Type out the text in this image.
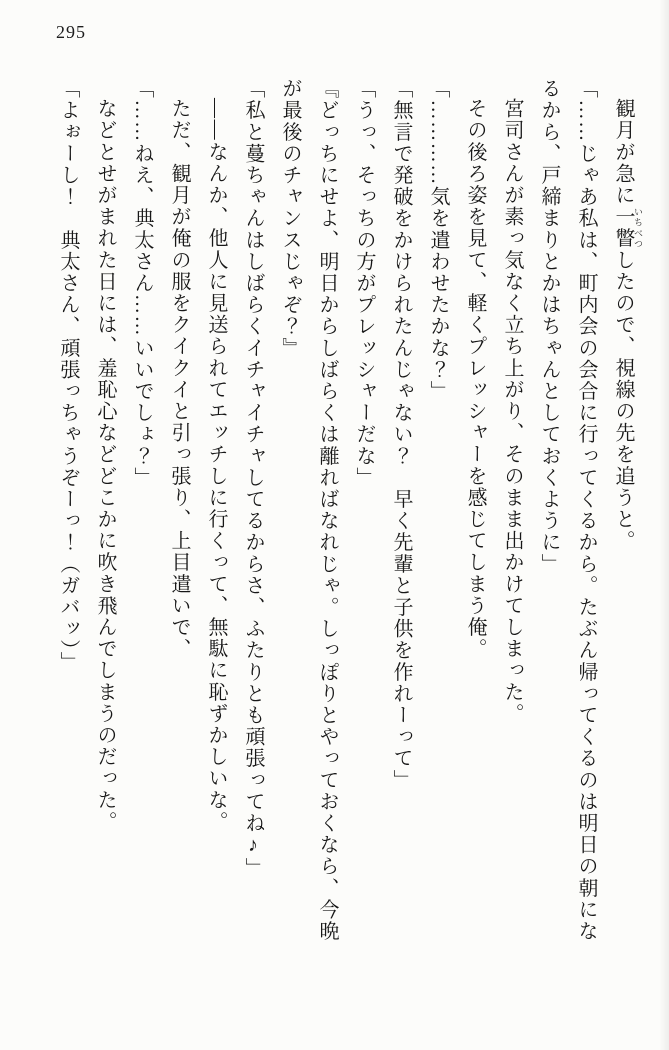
295

観月が急に一瞥 いちべつしたので、視線の先を追うと。

「……じゃあ私は、町内会の会合に行ってくるから。たぶん帰ってくるのは明日の朝にな

るから、戸締まりとかはちゃんとしておくように」

宮司さんが素っ気なく立ち上がり、そのまま出かけてしまった。

その後ろ姿を見て、軽くプレッシャーを感じてしまう俺。

「…………気を遣わせたかな？」

「無言で発破をかけられたんじゃない？　早く先輩と子供を作れーって」

「うっ、そっちの方がプレッシャーだな」

『どっちにせよ、明日からしばらくは離ればなれじゃ。しっぽりとやっておくなら、今晩

が最後のチャンスじゃぞ？』

「私と蔓ちゃんはしばらくイチャイチャしてるからさ、ふたりとも頑張ってね♪」

――なんか、他人に見送られてエッチしに行くって、無駄に恥ずかしいな。

ただ、観月が俺の服をクイクイと引っ張り、上目遣いで、

「……ねえ、典太さん……いいでしょ？」

などとせがまれた日には、羞恥心などどこかに吹き飛んでしまうのだった。

「よぉーし！　典太さん、頑張っちゃうぞーっ！（ガバッ）」
